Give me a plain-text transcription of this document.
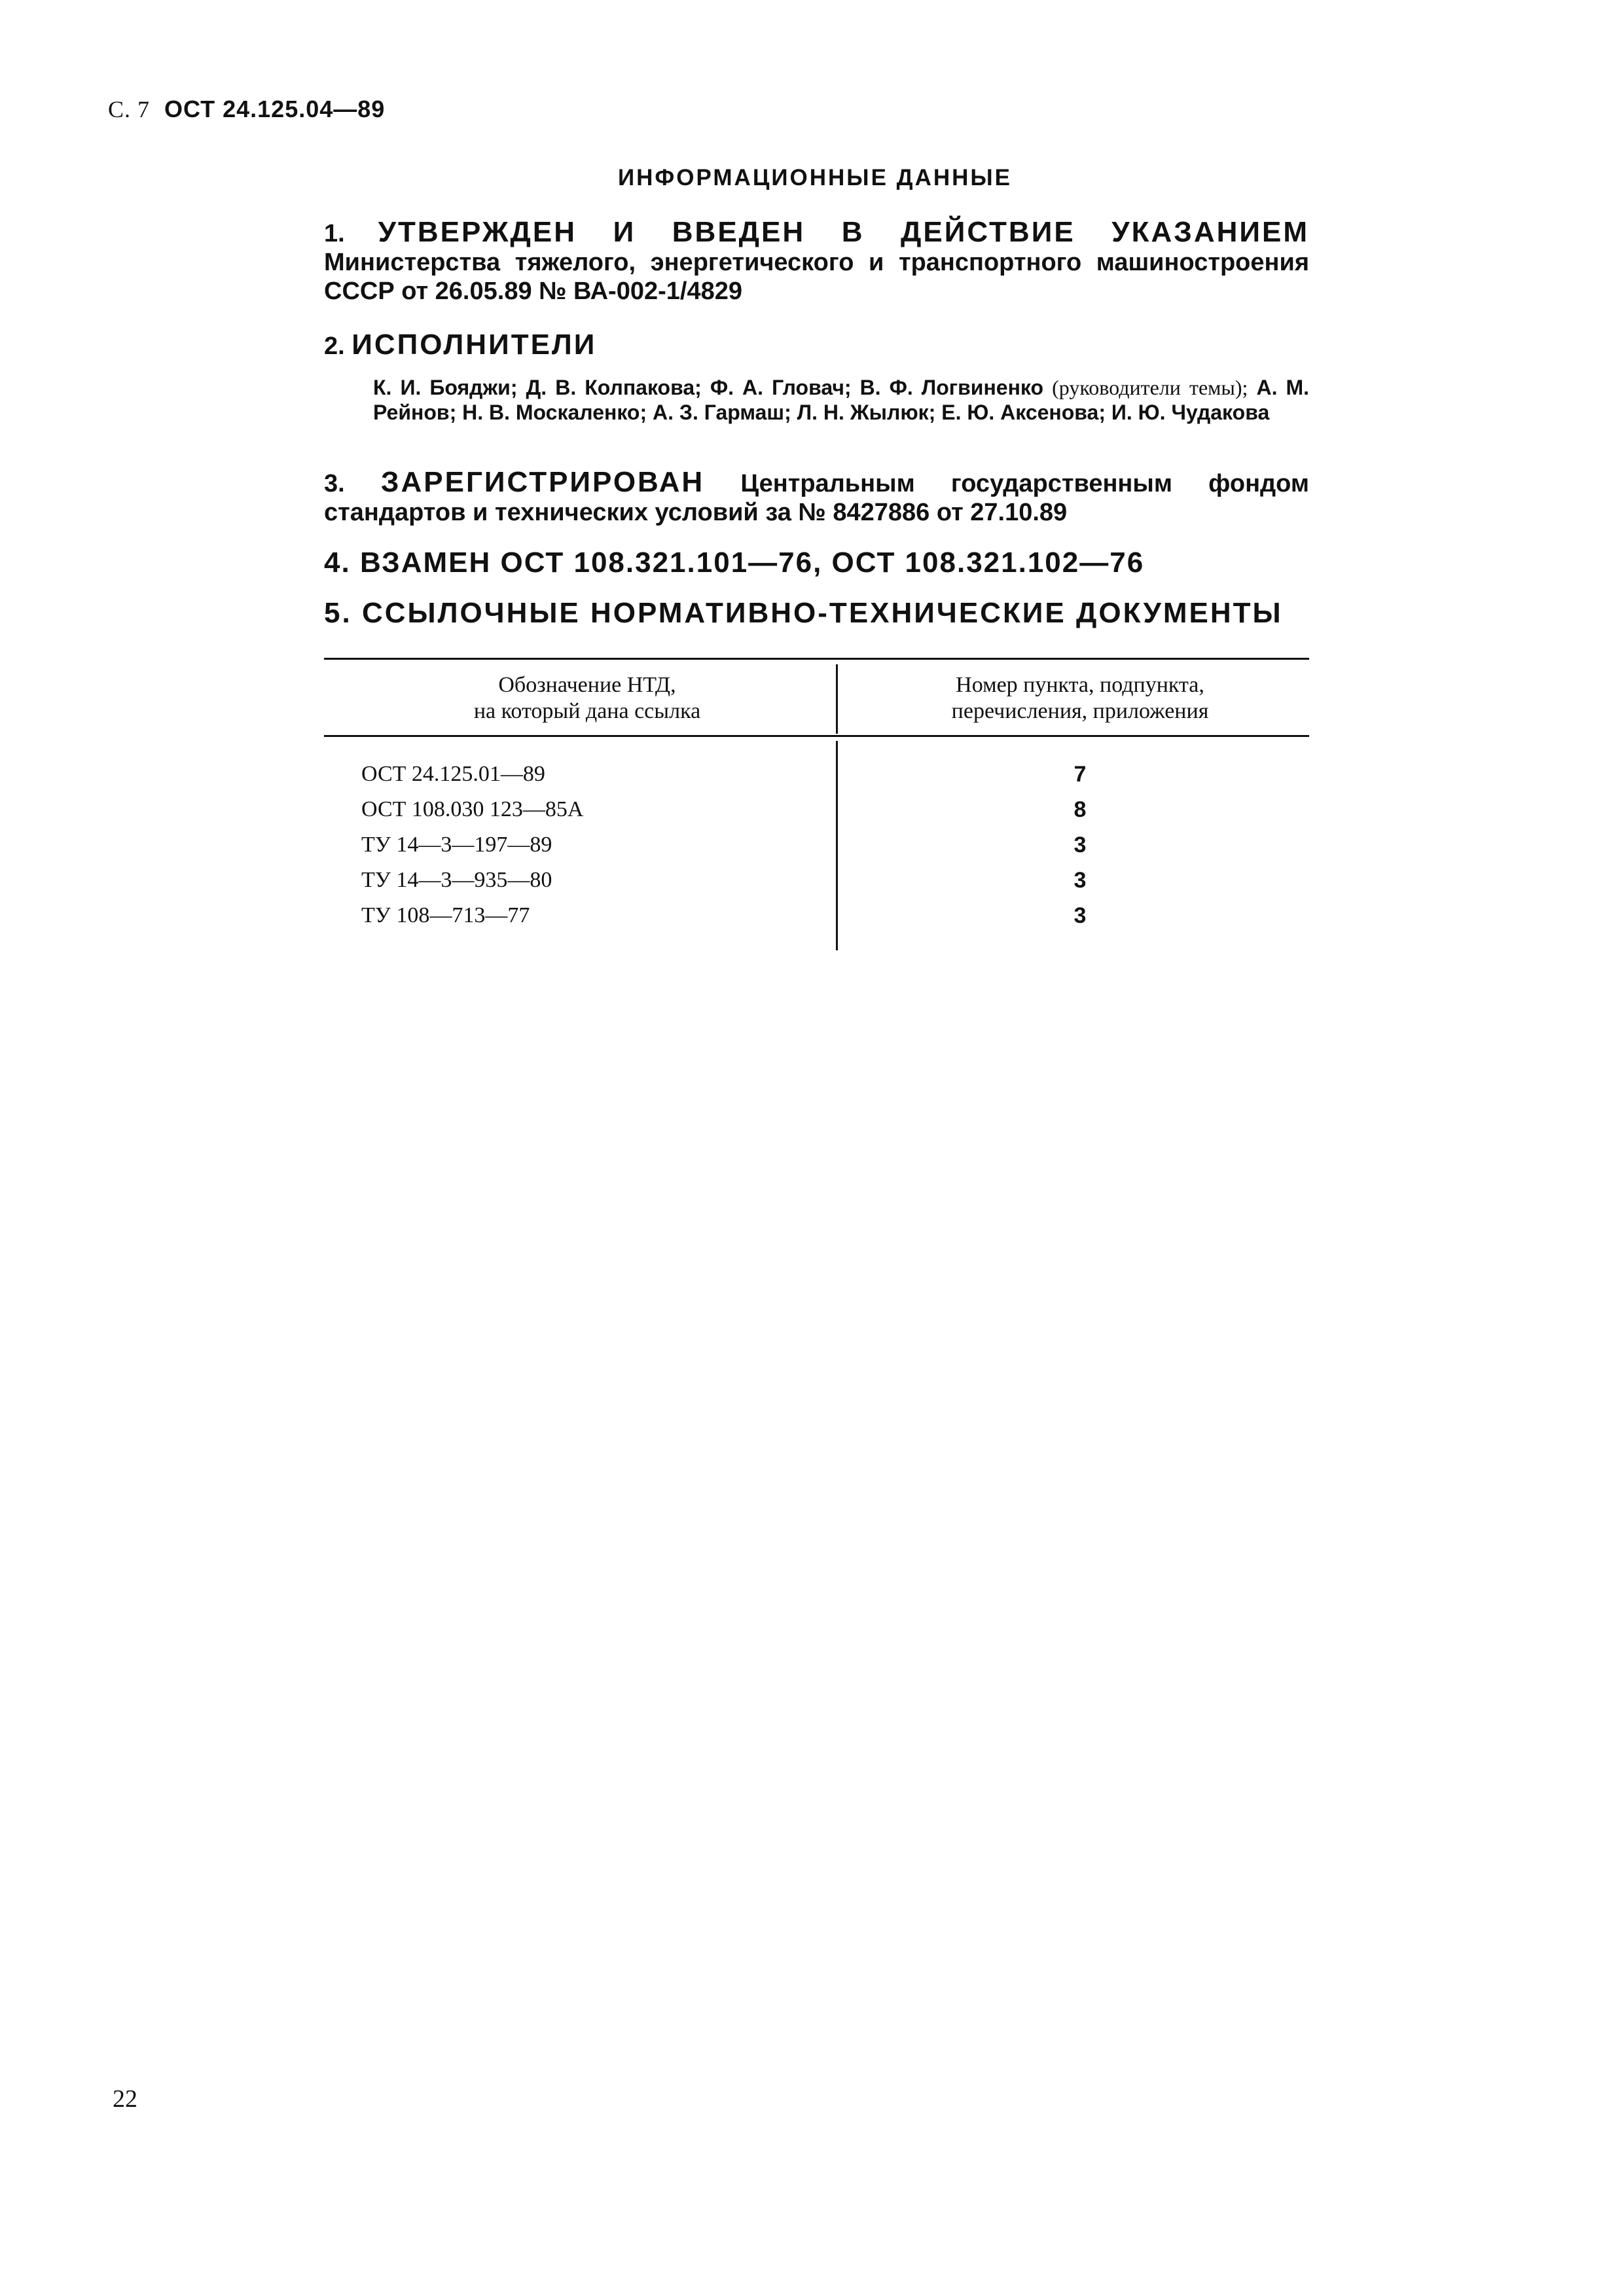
С. 7 ОСТ 24.125.04—89
ИНФОРМАЦИОННЫЕ ДАННЫЕ
1. УТВЕРЖДЕН И ВВЕДЕН В ДЕЙСТВИЕ УКАЗАНИЕМ Министерства тяжелого, энергетического и транспортного машиностроения СССР от 26.05.89 № ВА-002-1/4829
2. ИСПОЛНИТЕЛИ
К. И. Бояджи; Д. В. Колпакова; Ф. А. Гловач; В. Ф. Логвиненко (руководители темы); А. М. Рейнов; Н. В. Москаленко; А. З. Гармаш; Л. Н. Жылюк; Е. Ю. Аксенова; И. Ю. Чудакова
3. ЗАРЕГИСТРИРОВАН Центральным государственным фондом стандартов и технических условий за № 8427886 от 27.10.89
4. ВЗАМЕН ОСТ 108.321.101—76, ОСТ 108.321.102—76
5. ССЫЛОЧНЫЕ НОРМАТИВНО-ТЕХНИЧЕСКИЕ ДОКУМЕНТЫ
Обозначение НТД,
на который дана ссылка
Номер пункта, подпункта,
перечисления, приложения
ОСТ 24.125.01—89	7
ОСТ 108.030 123—85А	8
ТУ 14—3—197—89	3
ТУ 14—3—935—80	3
ТУ 108—713—77	3
22
